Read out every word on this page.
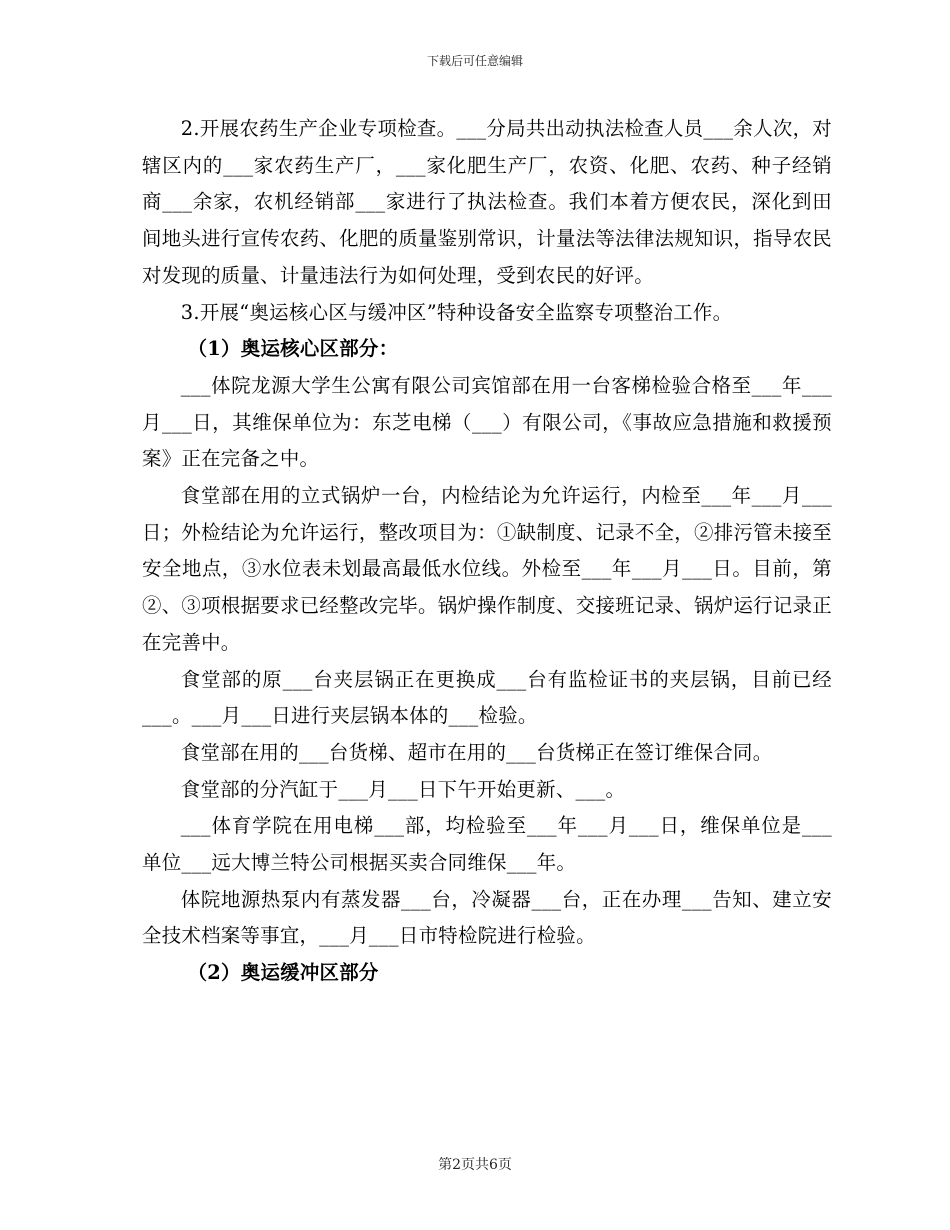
下载后可任意编辑

2.开展农药生产企业专项检查。___分局共出动执法检查人员___余人次，对辖区内的___家农药生产厂，___家化肥生产厂，农资、化肥、农药、种子经销商___余家，农机经销部___家进行了执法检查。我们本着方便农民，深化到田间地头进行宣传农药、化肥的质量鉴别常识，计量法等法律法规知识，指导农民对发现的质量、计量违法行为如何处理，受到农民的好评。

3.开展“奥运核心区与缓冲区”特种设备安全监察专项整治工作。

（1）奥运核心区部分：

___体院龙源大学生公寓有限公司宾馆部在用一台客梯检验合格至___年___月___日，其维保单位为：东芝电梯（___）有限公司，《事故应急措施和救援预案》正在完备之中。

食堂部在用的立式锅炉一台，内检结论为允许运行，内检至___年___月___日；外检结论为允许运行，整改项目为：①缺制度、记录不全，②排污管未接至安全地点，③水位表未划最高最低水位线。外检至___年___月___日。目前，第②、③项根据要求已经整改完毕。锅炉操作制度、交接班记录、锅炉运行记录正在完善中。

食堂部的原___台夹层锅正在更换成___台有监检证书的夹层锅，目前已经___。___月___日进行夹层锅本体的___检验。

食堂部在用的___台货梯、超市在用的___台货梯正在签订维保合同。

食堂部的分汽缸于___月___日下午开始更新、___。

___体育学院在用电梯___部，均检验至___年___月___日，维保单位是___单位___远大博兰特公司根据买卖合同维保___年。

体院地源热泵内有蒸发器___台，冷凝器___台，正在办理___告知、建立安全技术档案等事宜，___月___日市特检院进行检验。

（2）奥运缓冲区部分

第2页共6页
